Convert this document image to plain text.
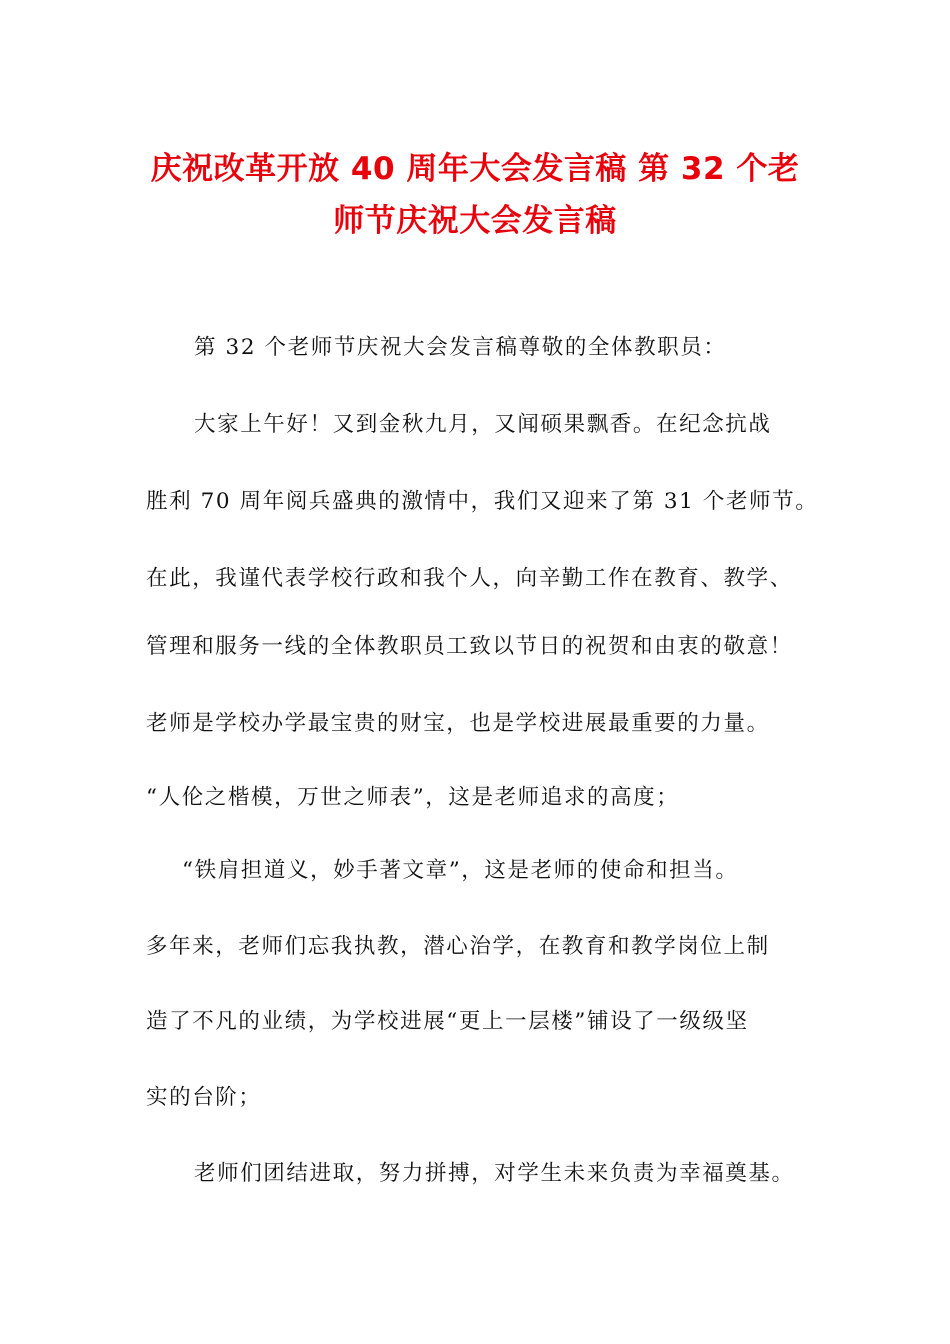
庆祝改革开放 40 周年大会发言稿 第 32 个老
师节庆祝大会发言稿
第 32 个老师节庆祝大会发言稿尊敬的全体教职员：
大家上午好！又到金秋九月，又闻硕果飘香。在纪念抗战
胜利 70 周年阅兵盛典的激情中，我们又迎来了第 31 个老师节。
在此，我谨代表学校行政和我个人，向辛勤工作在教育、教学、
管理和服务一线的全体教职员工致以节日的祝贺和由衷的敬意！
老师是学校办学最宝贵的财宝，也是学校进展最重要的力量。
“人伦之楷模，万世之师表”，这是老师追求的高度；
“铁肩担道义，妙手著文章”，这是老师的使命和担当。
多年来，老师们忘我执教，潜心治学，在教育和教学岗位上制
造了不凡的业绩，为学校进展“更上一层楼”铺设了一级级坚
实的台阶；
老师们团结进取，努力拼搏，对学生未来负责为幸福奠基。
